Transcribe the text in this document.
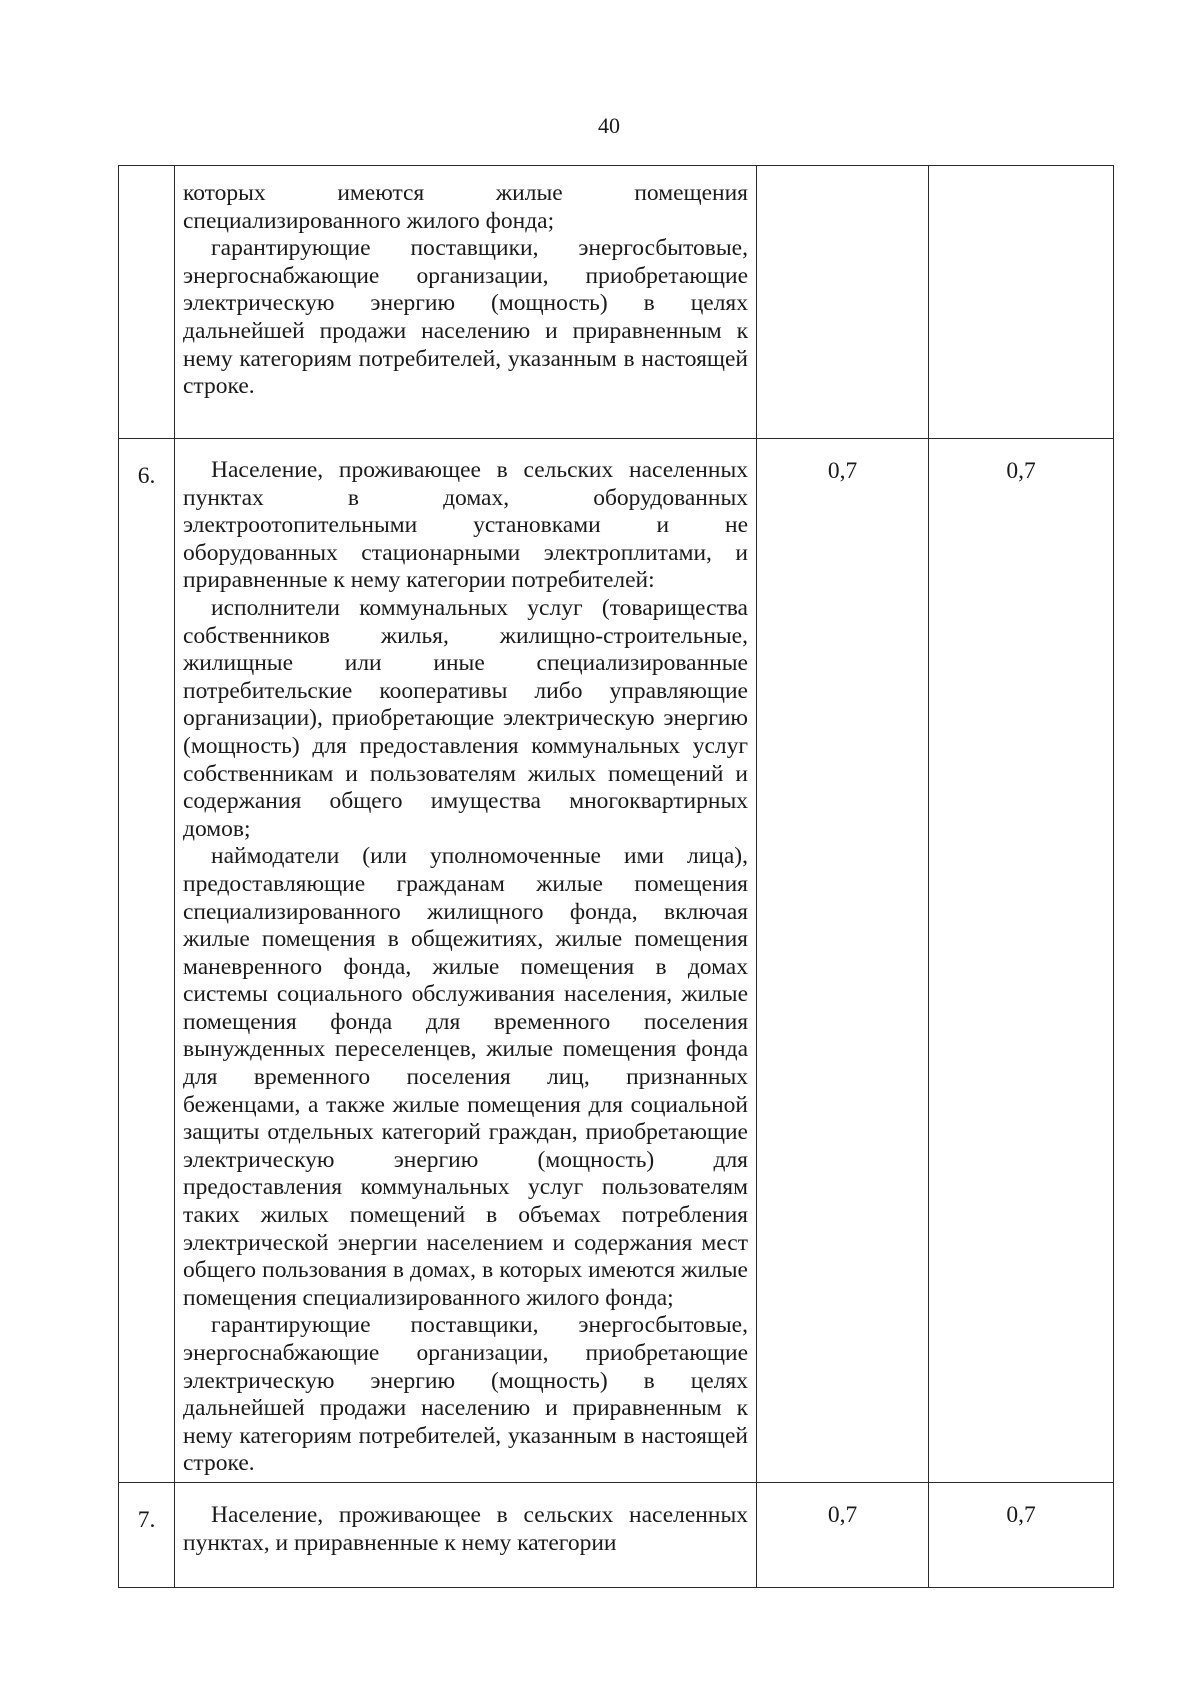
40

	которых имеются жилые помещения специализированного жилого фонда;

гарантирующие поставщики, энергосбытовые, энергоснабжающие организации, приобретающие электрическую энергию (мощность) в целях дальнейшей продажи населению и приравненным к нему категориям потребителей, указанным в настоящей строке.		

6.	Население, проживающее в сельских населенных пунктах в домах, оборудованных электроотопительными установками и не оборудованных стационарными электроплитами, и приравненные к нему категории потребителей:

исполнители коммунальных услуг (товарищества собственников жилья, жилищно-строительные, жилищные или иные специализированные потребительские кооперативы либо управляющие организации), приобретающие электрическую энергию (мощность) для предоставления коммунальных услуг собственникам и пользователям жилых помещений и содержания общего имущества многоквартирных домов;

наймодатели (или уполномоченные ими лица), предоставляющие гражданам жилые помещения специализированного жилищного фонда, включая жилые помещения в общежитиях, жилые помещения маневренного фонда, жилые помещения в домах системы социального обслуживания населения, жилые помещения фонда для временного поселения вынужденных переселенцев, жилые помещения фонда для временного поселения лиц, признанных беженцами, а также жилые помещения для социальной защиты отдельных категорий граждан, приобретающие электрическую энергию (мощность) для предоставления коммунальных услуг пользователям таких жилых помещений в объемах потребления электрической энергии населением и содержания мест общего пользования в домах, в которых имеются жилые помещения специализированного жилого фонда;

гарантирующие поставщики, энергосбытовые, энергоснабжающие организации, приобретающие электрическую энергию (мощность) в целях дальнейшей продажи населению и приравненным к нему категориям потребителей, указанным в настоящей строке.	0,7	0,7
7.	Население, проживающее в сельских населенных пунктах, и приравненные к нему категории	0,7	0,7
